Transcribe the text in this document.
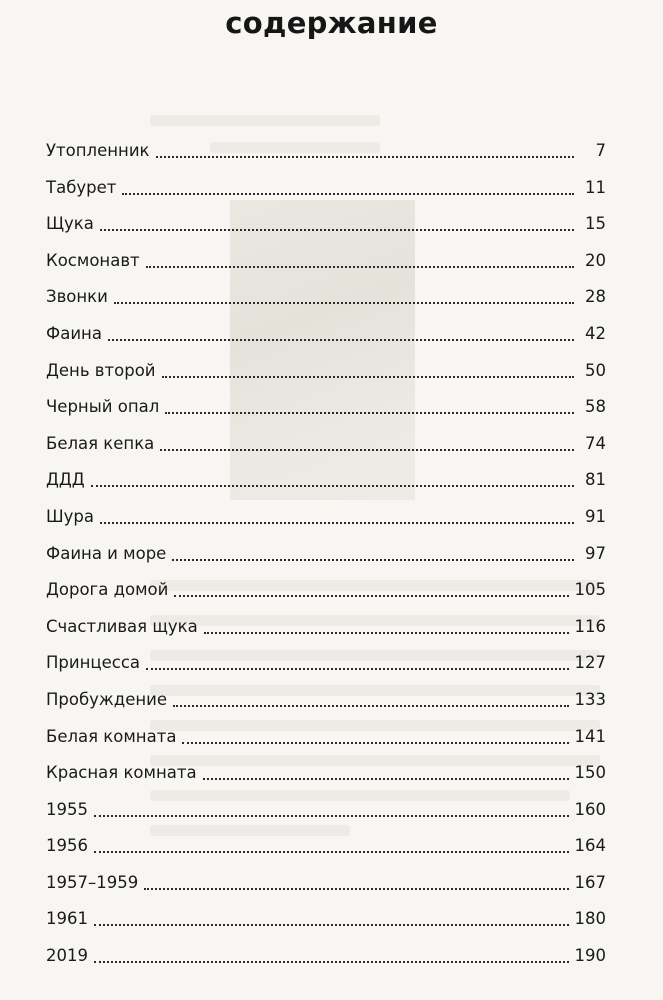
содержание
Утопленник	7
Табурет	11
Щука	15
Космонавт	20
Звонки	28
Фаина	42
День второй	50
Черный опал	58
Белая кепка	74
ДДД	81
Шура	91
Фаина и море	97
Дорога домой	105
Счастливая щука	116
Принцесса	127
Пробуждение	133
Белая комната	141
Красная комната	150
1955	160
1956	164
1957–1959	167
1961	180
2019	190
